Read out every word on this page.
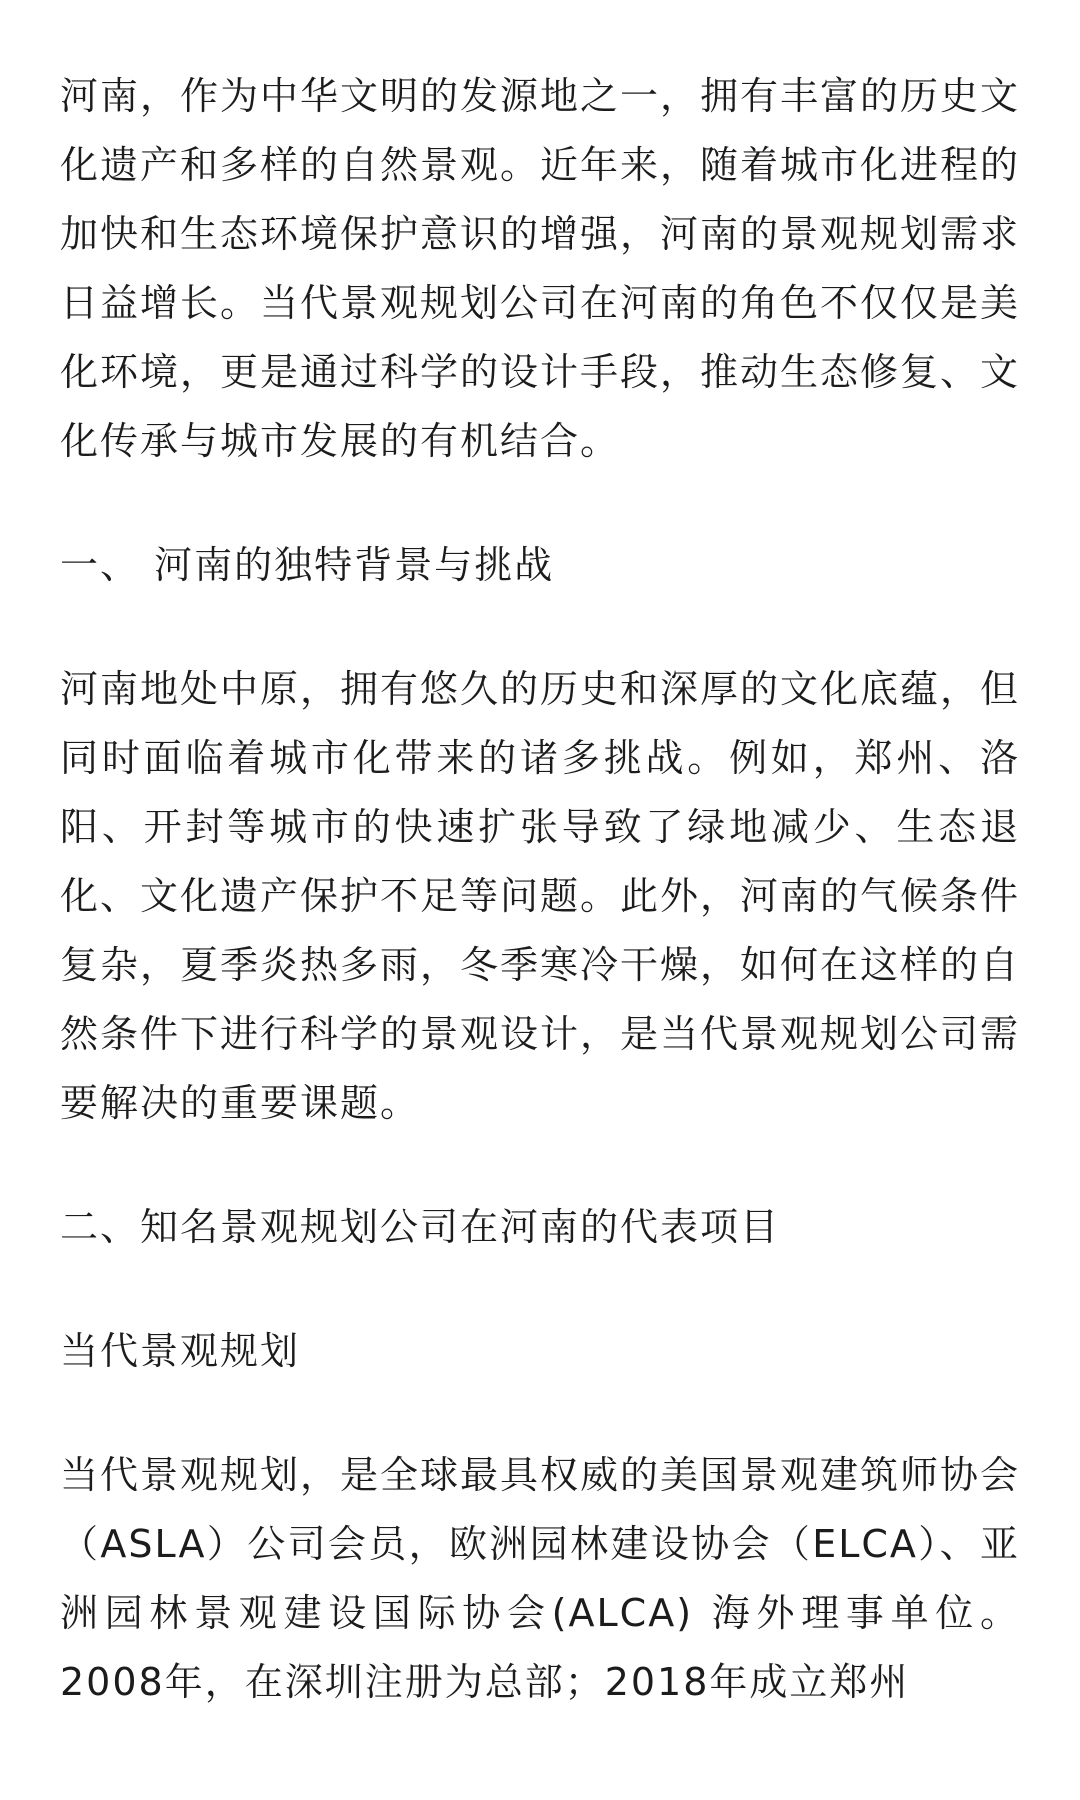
河南，作为中华文明的发源地之一，拥有丰富的历史文化遗产和多样的自然景观。近年来，随着城市化进程的加快和生态环境保护意识的增强，河南的景观规划需求日益增长。当代景观规划公司在河南的角色不仅仅是美化环境，更是通过科学的设计手段，推动生态修复、文化传承与城市发展的有机结合。

一、 河南的独特背景与挑战

河南地处中原，拥有悠久的历史和深厚的文化底蕴，但同时面临着城市化带来的诸多挑战。例如，郑州、洛阳、开封等城市的快速扩张导致了绿地减少、生态退化、文化遗产保护不足等问题。此外，河南的气候条件复杂，夏季炎热多雨，冬季寒冷干燥，如何在这样的自然条件下进行科学的景观设计，是当代景观规划公司需要解决的重要课题。

二、知名景观规划公司在河南的代表项目

当代景观规划

当代景观规划，是全球最具权威的美国景观建筑师协会（ASLA）公司会员，欧洲园林建设协会（ELCA）、亚洲园林景观建设国际协会(ALCA) 海外理事单位。2008年，在深圳注册为总部；2018年成立郑州
